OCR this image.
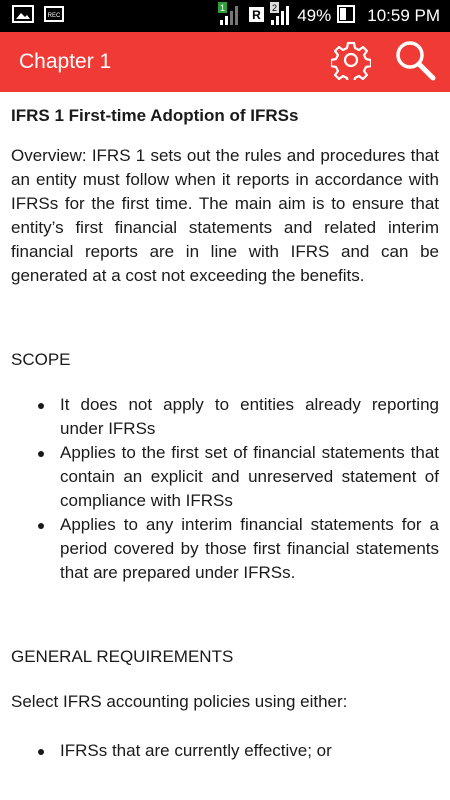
REC
1 R 2 49% 10:59 PM
Chapter 1
IFRS 1 First-time Adoption of IFRSs

Overview: IFRS 1 sets out the rules and procedures that an entity must follow when it reports in accordance with IFRSs for the first time. The main aim is to ensure that entity’s first financial statements and related interim financial reports are in line with IFRS and can be generated at a cost not exceeding the benefits.

SCOPE

It does not apply to entities already reporting under IFRSs
Applies to the first set of financial statements that contain an explicit and unreserved statement of compliance with IFRSs
Applies to any interim financial statements for a period covered by those first financial statements that are prepared under IFRSs.

GENERAL REQUIREMENTS

Select IFRS accounting policies using either:

IFRSs that are currently effective; or
